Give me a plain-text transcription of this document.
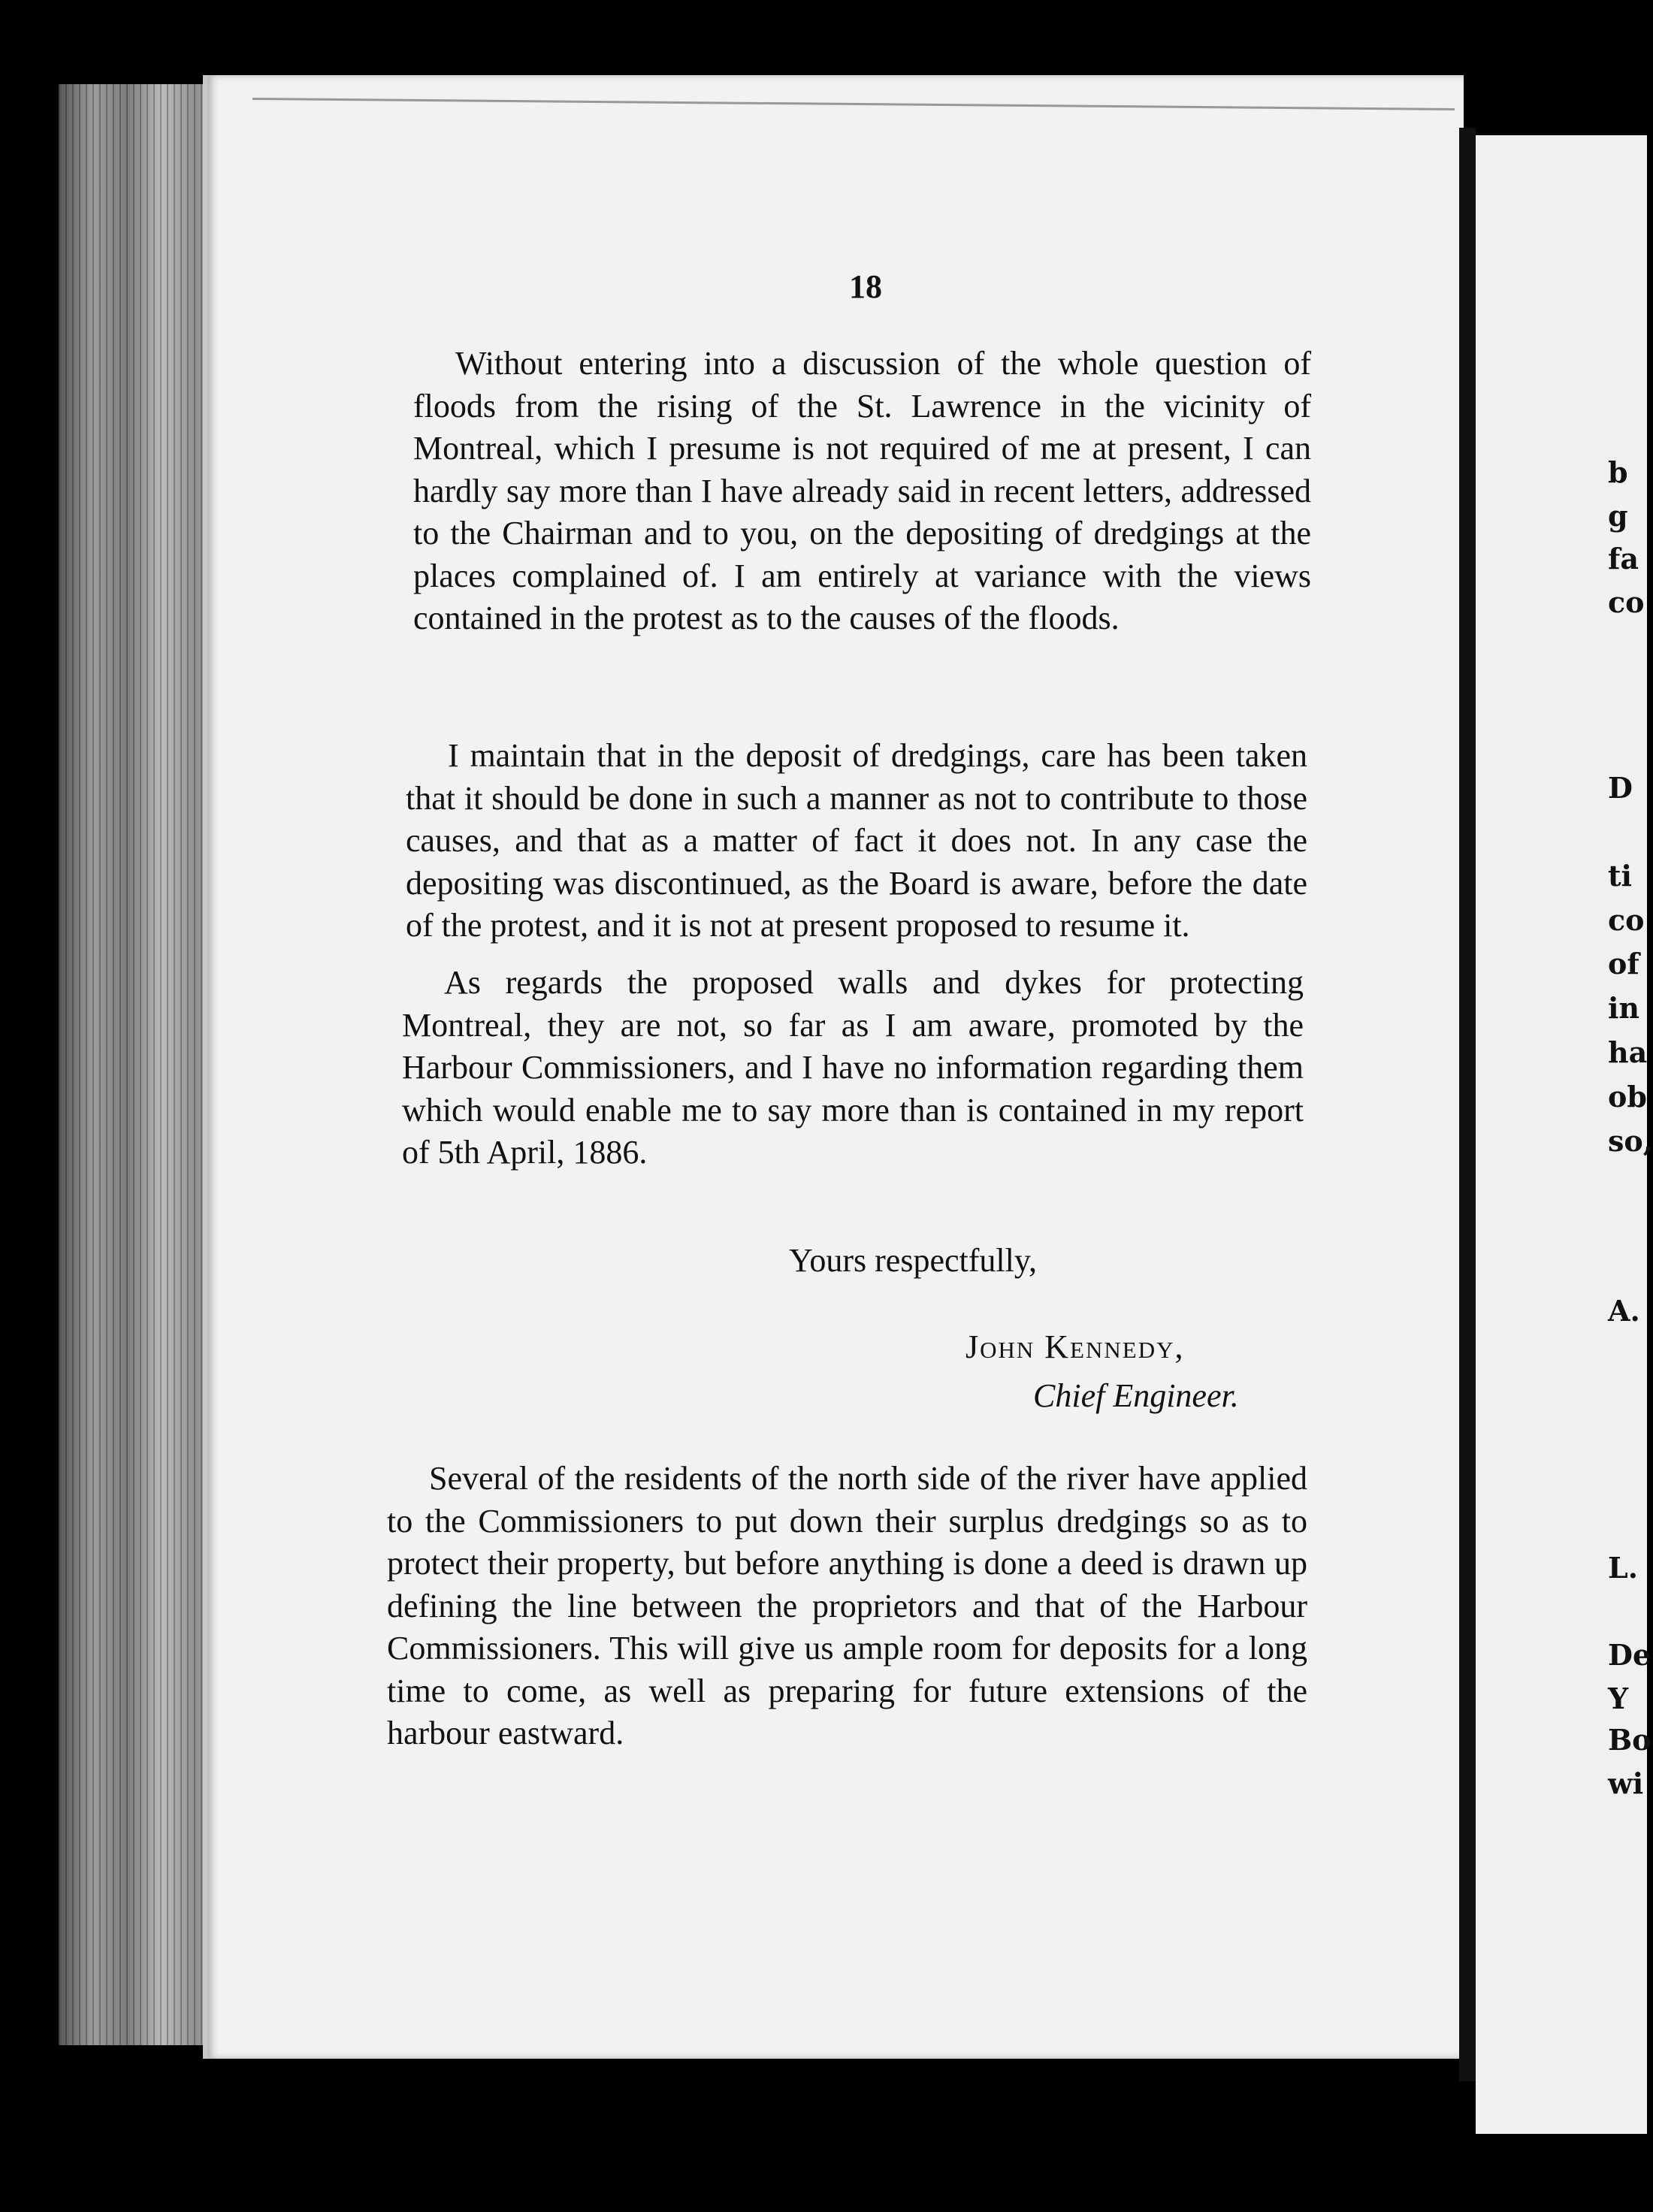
b
g
fa
co
D
ti
co
of
in
ha
ob
so,
A.
L.
De
Y
Bo
wi
18

Without entering into a discussion of the whole question of floods from the rising of the St. Lawrence in the vicinity of Montreal, which I presume is not required of me at present, I can hardly say more than I have already said in recent letters, addressed to the Chairman and to you, on the depositing of dredgings at the places complained of. I am entirely at variance with the views contained in the protest as to the causes of the floods.

I maintain that in the deposit of dredgings, care has been taken that it should be done in such a manner as not to contribute to those causes, and that as a matter of fact it does not. In any case the depositing was discontinued, as the Board is aware, before the date of the protest, and it is not at present proposed to resume it.

As regards the proposed walls and dykes for protecting Montreal, they are not, so far as I am aware, promoted by the Harbour Commissioners, and I have no information regarding them which would enable me to say more than is contained in my report of 5th April, 1886.

Yours respectfully,
John Kennedy,
Chief Engineer.

Several of the residents of the north side of the river have applied to the Commissioners to put down their surplus dredgings so as to protect their property, but before anything is done a deed is drawn up defining the line between the proprietors and that of the Harbour Commissioners. This will give us ample room for deposits for a long time to come, as well as preparing for future extensions of the harbour eastward.
